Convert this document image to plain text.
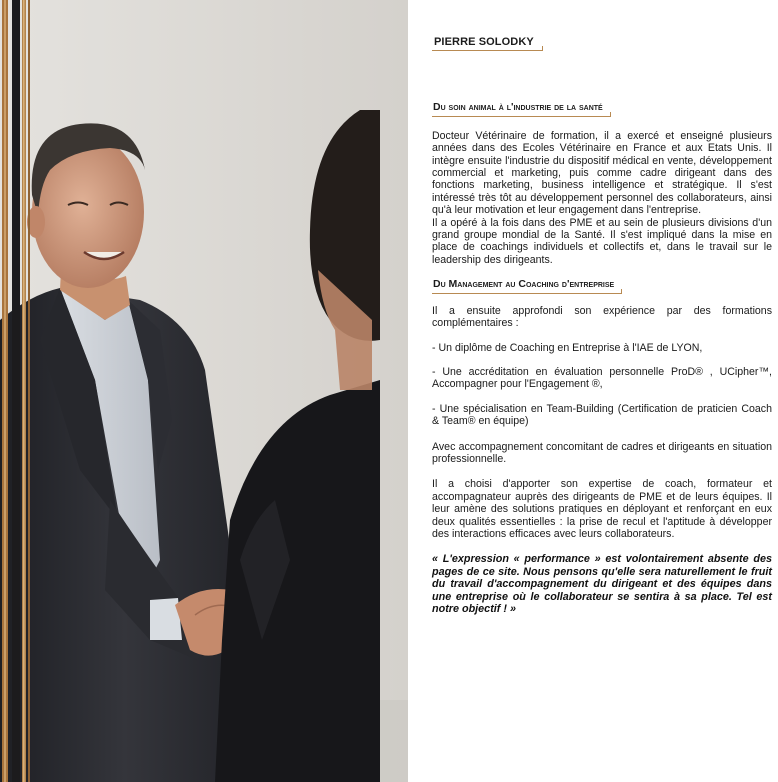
PIERRE SOLODKY
Du soin animal à l'industrie de la santé

Docteur Vétérinaire de formation, il a exercé et enseigné plusieurs années dans des Ecoles Vétérinaire en France et aux Etats Unis. Il intègre ensuite l'industrie du dispositif médical en vente, développement commercial et marketing, puis comme cadre dirigeant dans des fonctions marketing, business intelligence et stratégique. Il s'est intéressé très tôt au développement personnel des collaborateurs, ainsi qu'à leur motivation et leur engagement dans l'entreprise.

Il a opéré à la fois dans des PME et au sein de plusieurs divisions d'un grand groupe mondial de la Santé. Il s'est impliqué dans la mise en place de coachings individuels et collectifs et, dans le travail sur le leadership des dirigeants.

Du Management au Coaching d'entreprise

Il a ensuite approfondi son expérience par des formations complémentaires :

- Un diplôme de Coaching en Entreprise à l'IAE de LYON,

- Une accréditation en évaluation personnelle ProD® , UCipher™, Accompagner pour l'Engagement ®,

- Une spécialisation en Team-Building (Certification de praticien Coach & Team® en équipe)

Avec accompagnement concomitant de cadres et dirigeants en situation professionnelle.

Il a choisi d'apporter son expertise de coach, formateur et accompagnateur auprès des dirigeants de PME et de leurs équipes. Il leur amène des solutions pratiques en déployant et renforçant en eux deux qualités essentielles : la prise de recul et l'aptitude à développer des interactions efficaces avec leurs collaborateurs.

« L'expression « performance » est volontairement absente des pages de ce site. Nous pensons qu'elle sera naturellement le fruit du travail d'accompagnement du dirigeant et des équipes dans une entreprise où le collaborateur se sentira à sa place. Tel est notre objectif ! »
